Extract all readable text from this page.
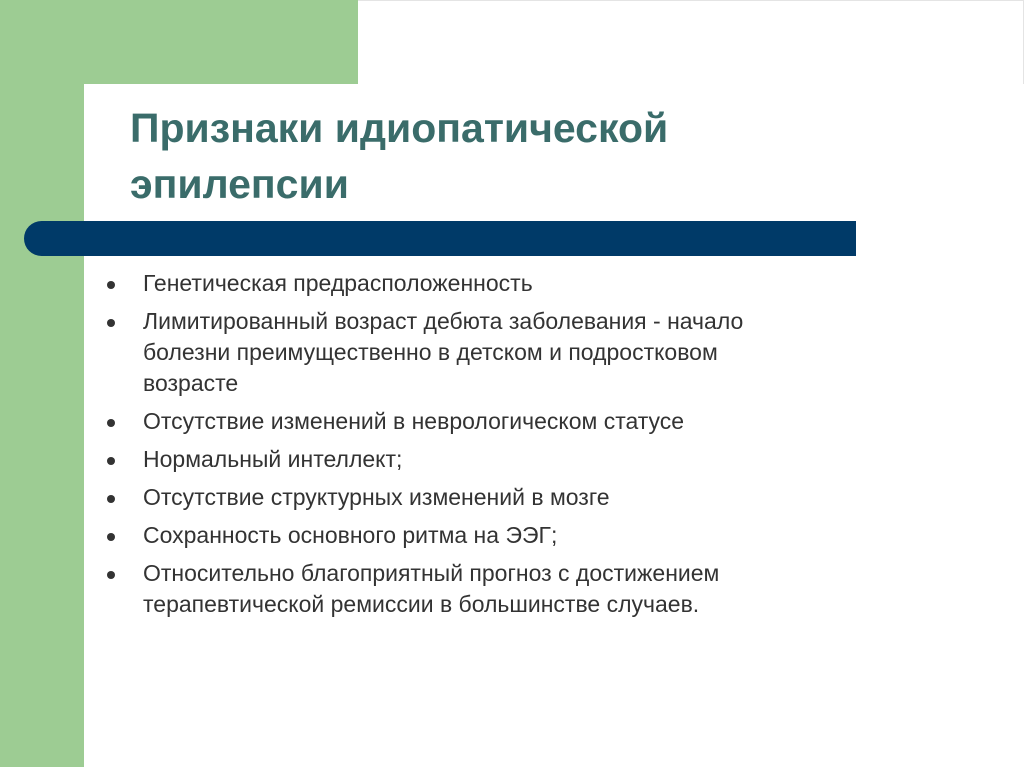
Признаки идиопатической
эпилепсии
Генетическая предрасположенность
Лимитированный возраст дебюта заболевания - начало
болезни преимущественно в детском и подростковом
возрасте
Отсутствие изменений в неврологическом статусе
Нормальный интеллект;
Отсутствие структурных изменений в мозге
Сохранность основного ритма на ЭЭГ;
Относительно благоприятный прогноз с достижением
терапевтической ремиссии в большинстве случаев.
